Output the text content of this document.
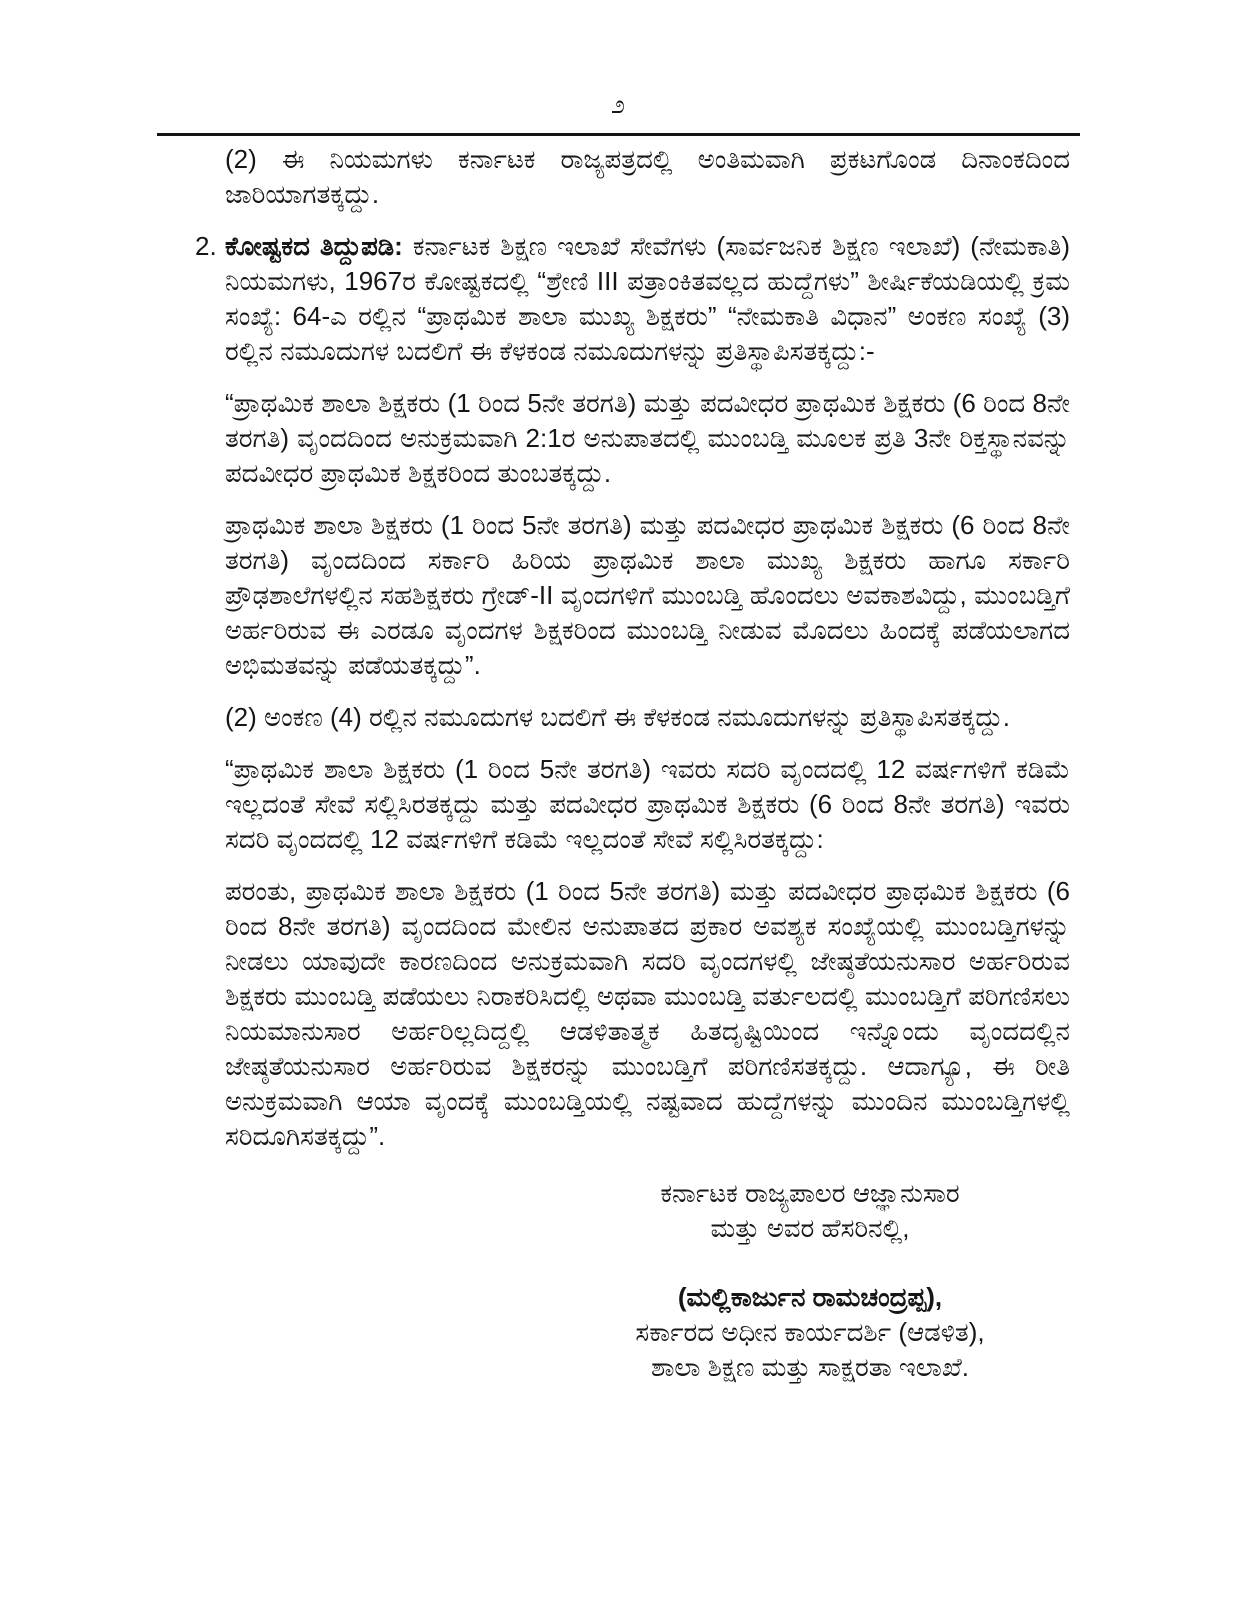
೨

(2) ಈ ನಿಯಮಗಳು ಕರ್ನಾಟಕ ರಾಜ್ಯಪತ್ರದಲ್ಲಿ ಅಂತಿಮವಾಗಿ ಪ್ರಕಟಗೊಂಡ ದಿನಾಂಕದಿಂದ ಜಾರಿಯಾಗತಕ್ಕದ್ದು.

2. ಕೋಷ್ಟಕದ ತಿದ್ದುಪಡಿ: ಕರ್ನಾಟಕ ಶಿಕ್ಷಣ ಇಲಾಖೆ ಸೇವೆಗಳು (ಸಾರ್ವಜನಿಕ ಶಿಕ್ಷಣ ಇಲಾಖೆ) (ನೇಮಕಾತಿ) ನಿಯಮಗಳು, 1967ರ ಕೋಷ್ಟಕದಲ್ಲಿ “ಶ್ರೇಣಿ III ಪತ್ರಾಂಕಿತವಲ್ಲದ ಹುದ್ದೆಗಳು” ಶೀರ್ಷಿಕೆಯಡಿಯಲ್ಲಿ ಕ್ರಮ ಸಂಖ್ಯೆ: 64-ಎ ರಲ್ಲಿನ “ಪ್ರಾಥಮಿಕ ಶಾಲಾ ಮುಖ್ಯ ಶಿಕ್ಷಕರು” “ನೇಮಕಾತಿ ವಿಧಾನ” ಅಂಕಣ ಸಂಖ್ಯೆ (3) ರಲ್ಲಿನ ನಮೂದುಗಳ ಬದಲಿಗೆ ಈ ಕೆಳಕಂಡ ನಮೂದುಗಳನ್ನು ಪ್ರತಿಸ್ಥಾಪಿಸತಕ್ಕದ್ದು:-

“ಪ್ರಾಥಮಿಕ ಶಾಲಾ ಶಿಕ್ಷಕರು (1 ರಿಂದ 5ನೇ ತರಗತಿ) ಮತ್ತು ಪದವೀಧರ ಪ್ರಾಥಮಿಕ ಶಿಕ್ಷಕರು (6 ರಿಂದ 8ನೇ ತರಗತಿ) ವೃಂದದಿಂದ ಅನುಕ್ರಮವಾಗಿ 2:1ರ ಅನುಪಾತದಲ್ಲಿ ಮುಂಬಡ್ತಿ ಮೂಲಕ ಪ್ರತಿ 3ನೇ ರಿಕ್ತಸ್ಥಾನವನ್ನು ಪದವೀಧರ ಪ್ರಾಥಮಿಕ ಶಿಕ್ಷಕರಿಂದ ತುಂಬತಕ್ಕದ್ದು.

ಪ್ರಾಥಮಿಕ ಶಾಲಾ ಶಿಕ್ಷಕರು (1 ರಿಂದ 5ನೇ ತರಗತಿ) ಮತ್ತು ಪದವೀಧರ ಪ್ರಾಥಮಿಕ ಶಿಕ್ಷಕರು (6 ರಿಂದ 8ನೇ ತರಗತಿ) ವೃಂದದಿಂದ ಸರ್ಕಾರಿ ಹಿರಿಯ ಪ್ರಾಥಮಿಕ ಶಾಲಾ ಮುಖ್ಯ ಶಿಕ್ಷಕರು ಹಾಗೂ ಸರ್ಕಾರಿ ಪ್ರೌಢಶಾಲೆಗಳಲ್ಲಿನ ಸಹಶಿಕ್ಷಕರು ಗ್ರೇಡ್-II ವೃಂದಗಳಿಗೆ ಮುಂಬಡ್ತಿ ಹೊಂದಲು ಅವಕಾಶವಿದ್ದು, ಮುಂಬಡ್ತಿಗೆ ಅರ್ಹರಿರುವ ಈ ಎರಡೂ ವೃಂದಗಳ ಶಿಕ್ಷಕರಿಂದ ಮುಂಬಡ್ತಿ ನೀಡುವ ಮೊದಲು ಹಿಂದಕ್ಕೆ ಪಡೆಯಲಾಗದ ಅಭಿಮತವನ್ನು ಪಡೆಯತಕ್ಕದ್ದು”.

(2) ಅಂಕಣ (4) ರಲ್ಲಿನ ನಮೂದುಗಳ ಬದಲಿಗೆ ಈ ಕೆಳಕಂಡ ನಮೂದುಗಳನ್ನು ಪ್ರತಿಸ್ಥಾಪಿಸತಕ್ಕದ್ದು.

“ಪ್ರಾಥಮಿಕ ಶಾಲಾ ಶಿಕ್ಷಕರು (1 ರಿಂದ 5ನೇ ತರಗತಿ) ಇವರು ಸದರಿ ವೃಂದದಲ್ಲಿ 12 ವರ್ಷಗಳಿಗೆ ಕಡಿಮೆ ಇಲ್ಲದಂತೆ ಸೇವೆ ಸಲ್ಲಿಸಿರತಕ್ಕದ್ದು ಮತ್ತು ಪದವೀಧರ ಪ್ರಾಥಮಿಕ ಶಿಕ್ಷಕರು (6 ರಿಂದ 8ನೇ ತರಗತಿ) ಇವರು ಸದರಿ ವೃಂದದಲ್ಲಿ 12 ವರ್ಷಗಳಿಗೆ ಕಡಿಮೆ ಇಲ್ಲದಂತೆ ಸೇವೆ ಸಲ್ಲಿಸಿರತಕ್ಕದ್ದು:

ಪರಂತು, ಪ್ರಾಥಮಿಕ ಶಾಲಾ ಶಿಕ್ಷಕರು (1 ರಿಂದ 5ನೇ ತರಗತಿ) ಮತ್ತು ಪದವೀಧರ ಪ್ರಾಥಮಿಕ ಶಿಕ್ಷಕರು (6 ರಿಂದ 8ನೇ ತರಗತಿ) ವೃಂದದಿಂದ ಮೇಲಿನ ಅನುಪಾತದ ಪ್ರಕಾರ ಅವಶ್ಯಕ ಸಂಖ್ಯೆಯಲ್ಲಿ ಮುಂಬಡ್ತಿಗಳನ್ನು ನೀಡಲು ಯಾವುದೇ ಕಾರಣದಿಂದ ಅನುಕ್ರಮವಾಗಿ ಸದರಿ ವೃಂದಗಳಲ್ಲಿ ಜೇಷ್ಠತೆಯನುಸಾರ ಅರ್ಹರಿರುವ ಶಿಕ್ಷಕರು ಮುಂಬಡ್ತಿ ಪಡೆಯಲು ನಿರಾಕರಿಸಿದಲ್ಲಿ ಅಥವಾ ಮುಂಬಡ್ತಿ ವರ್ತುಲದಲ್ಲಿ ಮುಂಬಡ್ತಿಗೆ ಪರಿಗಣಿಸಲು ನಿಯಮಾನುಸಾರ ಅರ್ಹರಿಲ್ಲದಿದ್ದಲ್ಲಿ ಆಡಳಿತಾತ್ಮಕ ಹಿತದೃಷ್ಟಿಯಿಂದ ಇನ್ನೊಂದು ವೃಂದದಲ್ಲಿನ ಜೇಷ್ಠತೆಯನುಸಾರ ಅರ್ಹರಿರುವ ಶಿಕ್ಷಕರನ್ನು ಮುಂಬಡ್ತಿಗೆ ಪರಿಗಣಿಸತಕ್ಕದ್ದು. ಆದಾಗ್ಯೂ, ಈ ರೀತಿ ಅನುಕ್ರಮವಾಗಿ ಆಯಾ ವೃಂದಕ್ಕೆ ಮುಂಬಡ್ತಿಯಲ್ಲಿ ನಷ್ಟವಾದ ಹುದ್ದೆಗಳನ್ನು ಮುಂದಿನ ಮುಂಬಡ್ತಿಗಳಲ್ಲಿ ಸರಿದೂಗಿಸತಕ್ಕದ್ದು”.

ಕರ್ನಾಟಕ ರಾಜ್ಯಪಾಲರ ಆಜ್ಞಾನುಸಾರ

ಮತ್ತು ಅವರ ಹೆಸರಿನಲ್ಲಿ,

(ಮಲ್ಲಿಕಾರ್ಜುನ ರಾಮಚಂದ್ರಪ್ಪ),

ಸರ್ಕಾರದ ಅಧೀನ ಕಾರ್ಯದರ್ಶಿ (ಆಡಳಿತ),

ಶಾಲಾ ಶಿಕ್ಷಣ ಮತ್ತು ಸಾಕ್ಷರತಾ ಇಲಾಖೆ.
